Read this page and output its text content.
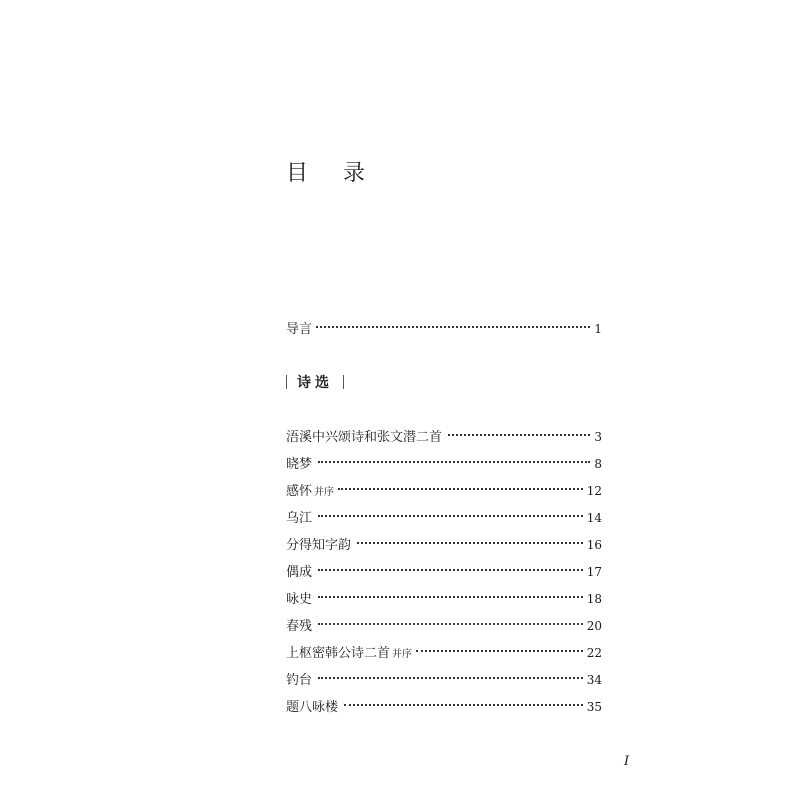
目 录
导言	1
诗选
浯溪中兴颂诗和张文潜二首	3
晓梦	8
感怀 并序	12
乌江	14
分得知字韵	16
偶成	17
咏史	18
春残	20
上枢密韩公诗二首 并序	22
钓台	34
题八咏楼	35
I
